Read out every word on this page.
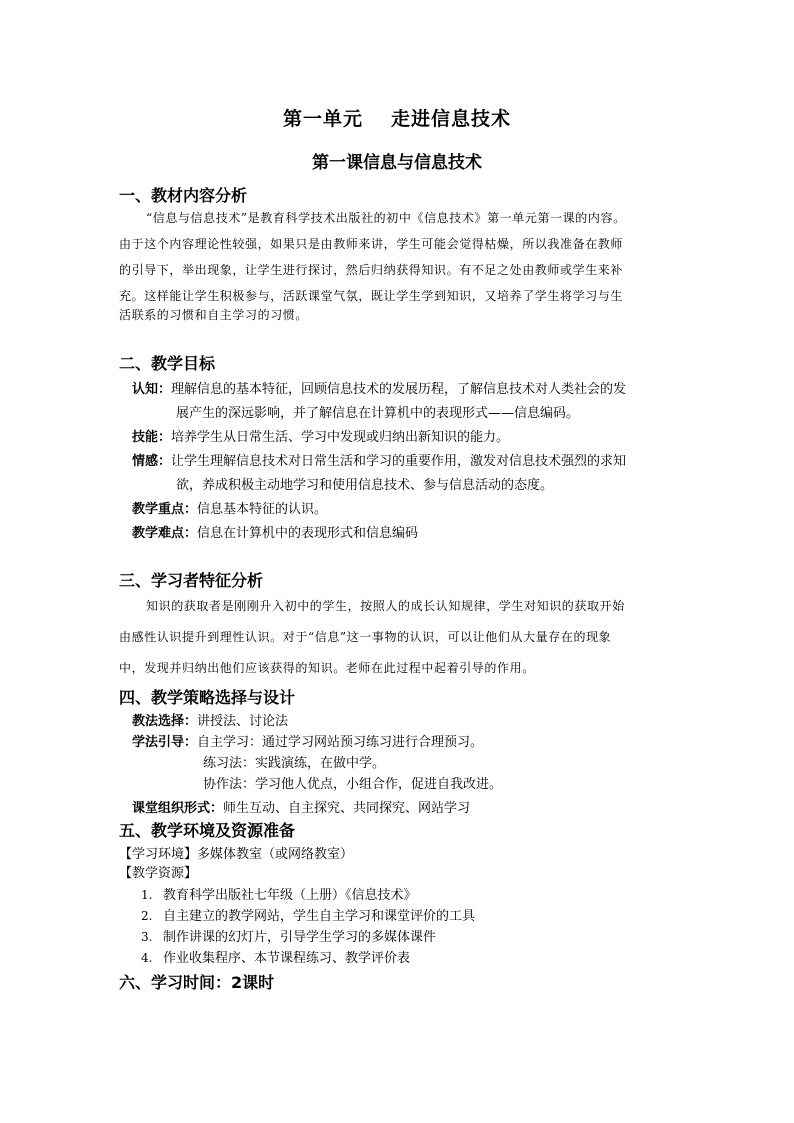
第一单元 走进信息技术
第一课信息与信息技术
一、教材内容分析
“信息与信息技术”是教育科学技术出版社的初中《信息技术》第一单元第一课的内容。
由于这个内容理论性较强，如果只是由教师来讲，学生可能会觉得枯燥，所以我准备在教师
的引导下，举出现象，让学生进行探讨，然后归纳获得知识。有不足之处由教师或学生来补
充。这样能让学生积极参与，活跃课堂气氛，既让学生学到知识，又培养了学生将学习与生
活联系的习惯和自主学习的习惯。
二、教学目标
认知：理解信息的基本特征，回顾信息技术的发展历程，了解信息技术对人类社会的发
展产生的深远影响，并了解信息在计算机中的表现形式——信息编码。
技能：培养学生从日常生活、学习中发现或归纳出新知识的能力。
情感：让学生理解信息技术对日常生活和学习的重要作用，激发对信息技术强烈的求知
欲，养成积极主动地学习和使用信息技术、参与信息活动的态度。
教学重点：信息基本特征的认识。
教学难点：信息在计算机中的表现形式和信息编码
三、学习者特征分析
知识的获取者是刚刚升入初中的学生，按照人的成长认知规律，学生对知识的获取开始
由感性认识提升到理性认识。对于“信息”这一事物的认识，可以让他们从大量存在的现象
中，发现并归纳出他们应该获得的知识。老师在此过程中起着引导的作用。
四、教学策略选择与设计
教法选择：讲授法、讨论法
学法引导：自主学习：通过学习网站预习练习进行合理预习。
练习法：实践演练，在做中学。
协作法：学习他人优点，小组合作，促进自我改进。
课堂组织形式：师生互动、自主探究、共同探究、网站学习
五、教学环境及资源准备
【学习环境】多媒体教室（或网络教室）
【教学资源】
1. 教育科学出版社七年级（上册）《信息技术》
2. 自主建立的教学网站，学生自主学习和课堂评价的工具
3. 制作讲课的幻灯片，引导学生学习的多媒体课件
4. 作业收集程序、本节课程练习、教学评价表
六、学习时间：2课时
